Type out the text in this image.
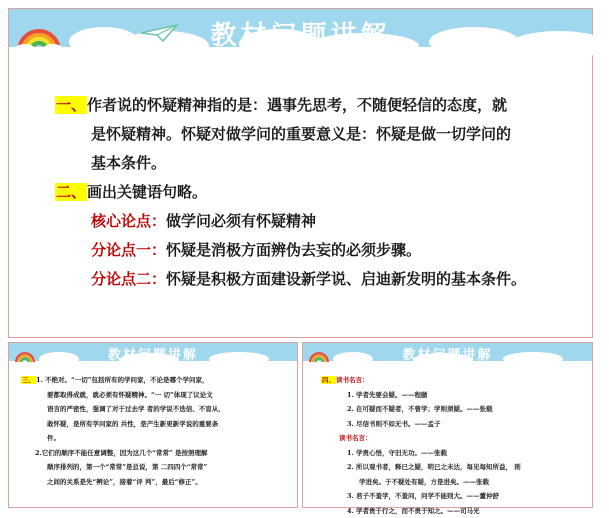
教材问题讲解
一、作者说的怀疑精神指的是：遇事先思考，不随便轻信的态度，就
是怀疑精神。怀疑对做学问的重要意义是：怀疑是做一切学问的
基本条件。
二、画出关键语句略。
核心论点：做学问必须有怀疑精神
分论点一：怀疑是消极方面辨伪去妄的必须步骤。
分论点二：怀疑是积极方面建设新学说、启迪新发明的基本条件。
教材问题讲解
三、1. 不绝对。“一切”包括所有的学问家，不论是哪个学问家，
要都取得成就，就必须有怀疑精神。“一 切”体现了议论文
语言的严密性，强调了对于过去学 者的学说不迭信、不盲从、
敢怀疑，是所有学问家的 共性，是产生新更新学说的重要条
件。
2.它们的顺序不能任意调整，因为这几个“常常” 是按照理解
顺序排列的，第一个“常常”是总说，第 二四四个“常常”
之间的关系是先“辨论”，接着“评 判”，最后“修正”。
教材问题讲解
四、读书名言：
1. 学者先要会疑。——程颐
2. 在可疑而不疑者，不曾学；学则须疑。——张载
3. 尽信书则不如无书。——孟子
读书名言：
1. 学贵心悟，守旧无功。——张载
2. 所以观书者，释已之疑，明已之未达，每见每知所益， 则
学进矣。于不疑处有疑，方是进矣。——张载
3. 君子不羞学，不羞问，问学不能则大。——董仲舒
4. 学者贵于行之，而不贵于知之。——司马光
